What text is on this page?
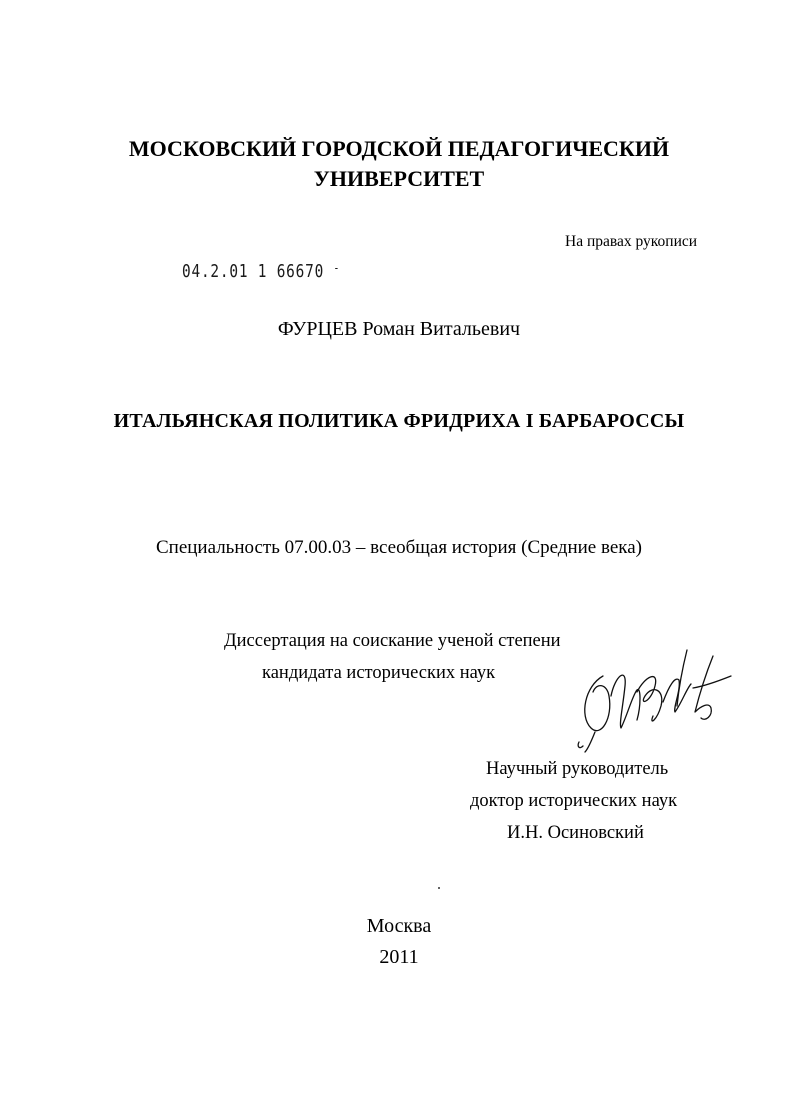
МОСКОВСКИЙ ГОРОДСКОЙ ПЕДАГОГИЧЕСКИЙ
УНИВЕРСИТЕТ
На правах рукописи
04.2.01 1 66670 -
ФУРЦЕВ Роман Витальевич
ИТАЛЬЯНСКАЯ ПОЛИТИКА ФРИДРИХА I БАРБАРОССЫ
Специальность 07.00.03 – всеобщая история (Средние века)
Диссертация на соискание ученой степени
кандидата исторических наук
Научный руководитель
доктор исторических наук
И.Н. Осиновский
Москва
2011
